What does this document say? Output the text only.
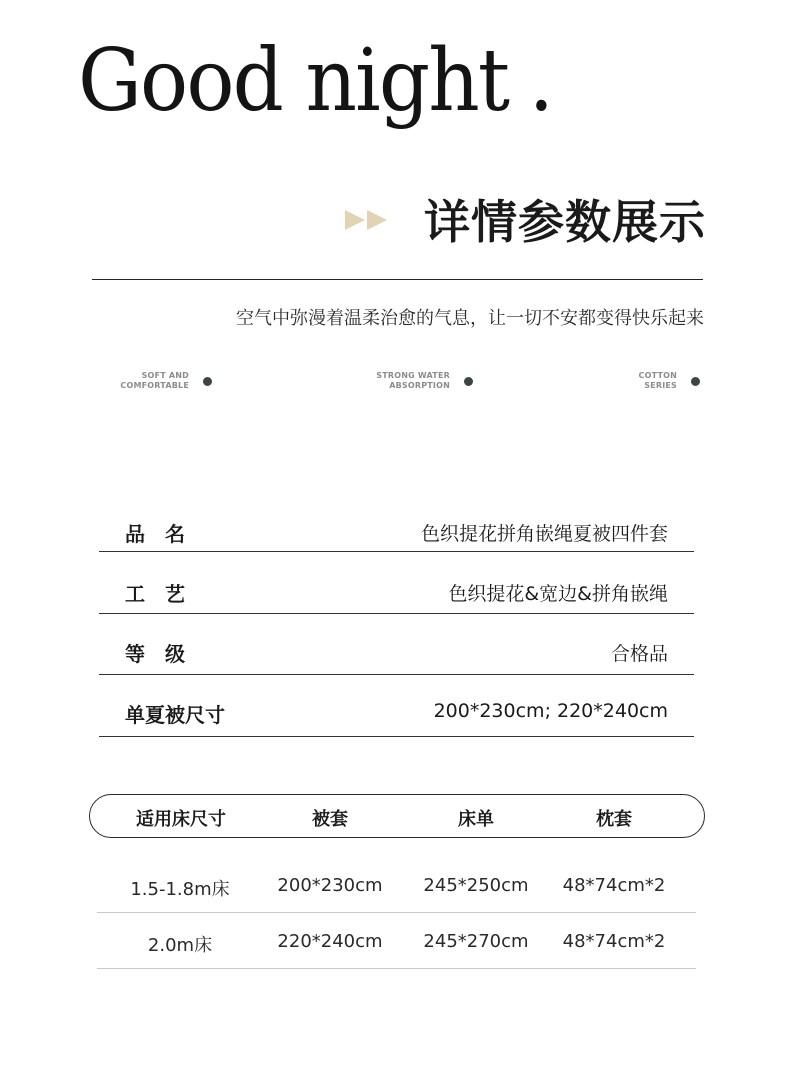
Good night .
详情参数展示
空气中弥漫着温柔治愈的气息，让一切不安都变得快乐起来
SOFT AND
COMFORTABLE
STRONG WATER
ABSORPTION
COTTON
SERIES
品　名	色织提花拼角嵌绳夏被四件套
工　艺	色织提花&宽边&拼角嵌绳
等　级	合格品
单夏被尺寸	200*230cm; 220*240cm
适用床尺寸	被套	床单	枕套
1.5-1.8m床	200*230cm 245*250cm 48*74cm*2
2.0m床	220*240cm 245*270cm 48*74cm*2
